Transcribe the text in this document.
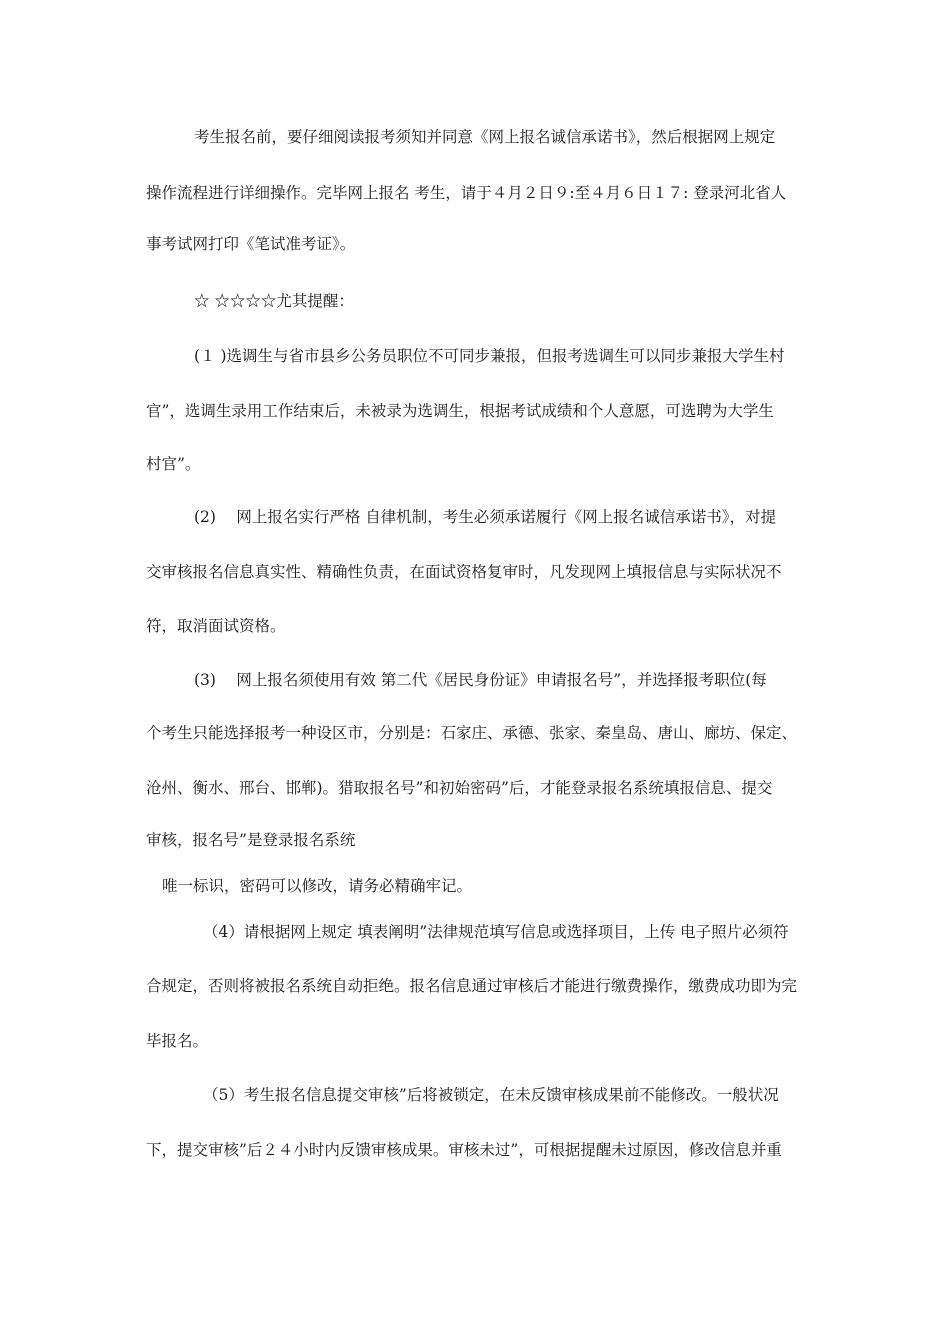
考生报名前，要仔细阅读报考须知并同意《网上报名诚信承诺书》，然后根据网上规定
操作流程进行详细操作。完毕网上报名 考生，请于４月２日９:至４月６日１７: 登录河北省人
事考试网打印《笔试准考证》。
☆ ☆☆☆☆尤其提醒：
(１ )选调生与省市县乡公务员职位不可同步兼报，但报考选调生可以同步兼报大学生村
官”，选调生录用工作结束后，未被录为选调生，根据考试成绩和个人意愿，可选聘为大学生
村官”。
(2)　 网上报名实行严格 自律机制，考生必须承诺履行《网上报名诚信承诺书》，对提
交审核报名信息真实性、精确性负责，在面试资格复审时，凡发现网上填报信息与实际状况不
符，取消面试资格。
(3)　 网上报名须使用有效 第二代《居民身份证》申请报名号”，并选择报考职位(每
个考生只能选择报考一种设区市，分别是：石家庄、承德、张家、秦皇岛、唐山、廊坊、保定、
沧州、衡水、邢台、邯郸)。猎取报名号”和初始密码”后，才能登录报名系统填报信息、提交
审核，报名号”是登录报名系统
唯一标识，密码可以修改，请务必精确牢记。
（4）请根据网上规定 填表阐明”法律规范填写信息或选择项目，上传 电子照片必须符
合规定，否则将被报名系统自动拒绝。报名信息通过审核后才能进行缴费操作，缴费成功即为完
毕报名。
（5）考生报名信息提交审核”后将被锁定，在未反馈审核成果前不能修改。一般状况
下，提交审核”后２４小时内反馈审核成果。审核未过”，可根据提醒未过原因，修改信息并重
